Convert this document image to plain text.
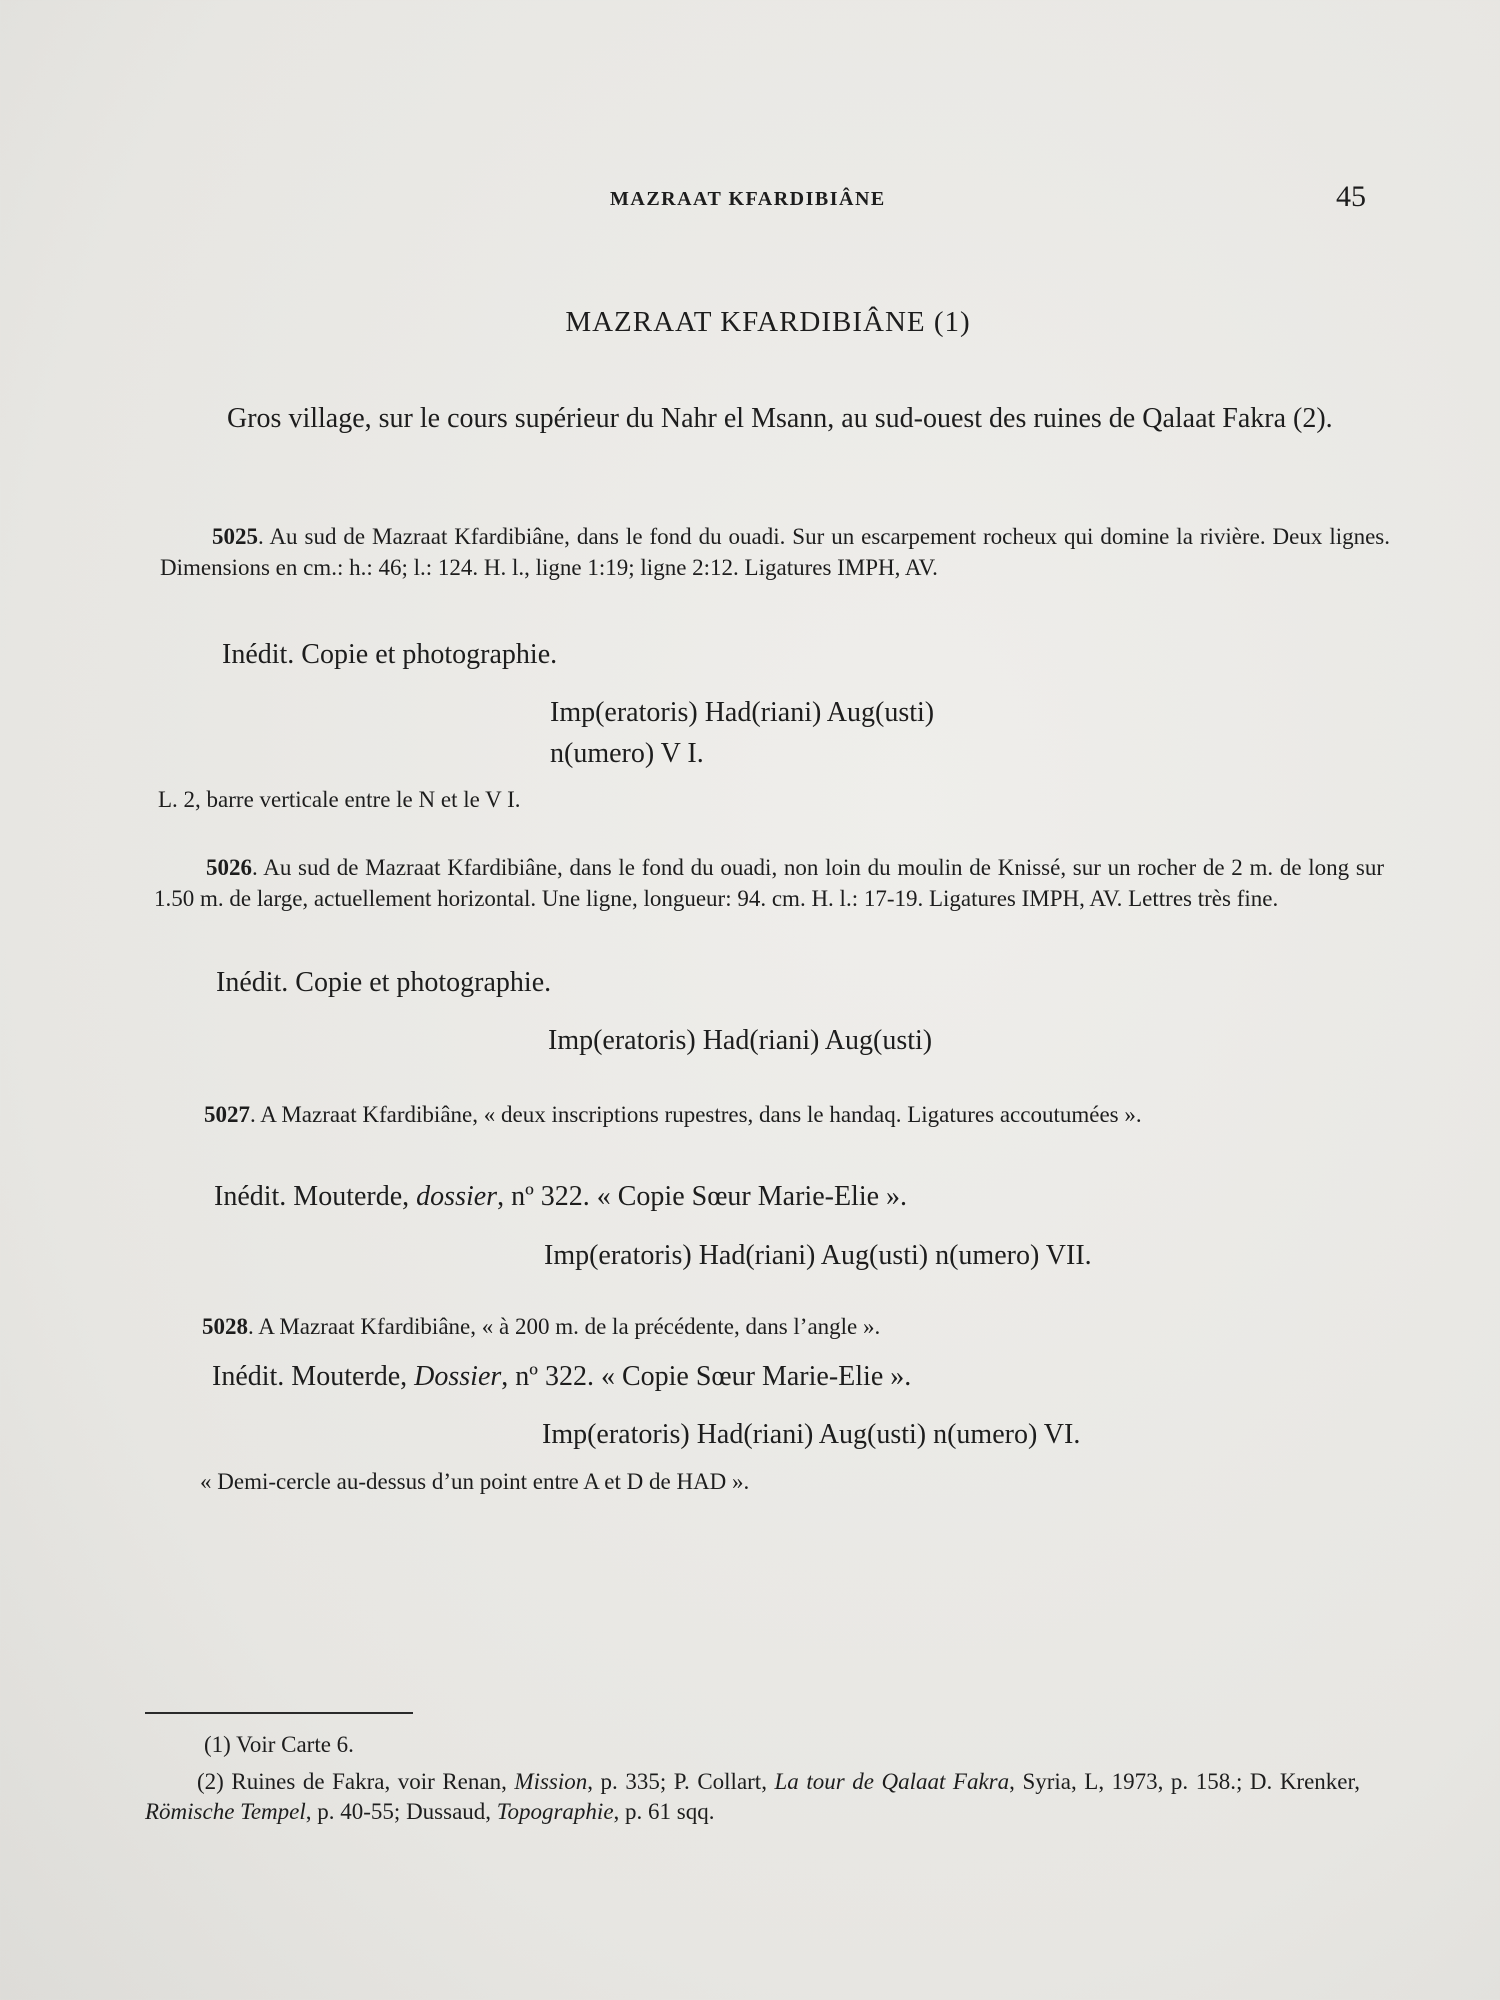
MAZRAAT KFARDIBIÂNE	45
MAZRAAT KFARDIBIÂNE (1)
Gros village, sur le cours supérieur du Nahr el Msann, au sud-ouest des ruines de Qalaat Fakra (2).
5025. Au sud de Mazraat Kfardibiâne, dans le fond du ouadi. Sur un escarpement rocheux qui domine la rivière. Deux lignes. Dimensions en cm.: h.: 46; l.: 124. H. l., ligne 1:19; ligne 2:12. Ligatures IMPH, AV.
Inédit. Copie et photographie.
Imp(eratoris) Had(riani) Aug(usti)
n(umero) V I.
L. 2, barre verticale entre le N et le V I.
5026. Au sud de Mazraat Kfardibiâne, dans le fond du ouadi, non loin du moulin de Knissé, sur un rocher de 2 m. de long sur 1.50 m. de large, actuellement horizontal. Une ligne, longueur: 94. cm. H. l.: 17-19. Ligatures IMPH, AV. Lettres très fine.
Inédit. Copie et photographie.
Imp(eratoris) Had(riani) Aug(usti)
5027. A Mazraat Kfardibiâne, « deux inscriptions rupestres, dans le handaq. Ligatures accoutumées ».
Inédit. Mouterde, dossier, nº 322. « Copie Sœur Marie-Elie ».
Imp(eratoris) Had(riani) Aug(usti) n(umero) VII.
5028. A Mazraat Kfardibiâne, « à 200 m. de la précédente, dans l’angle ».
Inédit. Mouterde, Dossier, nº 322. « Copie Sœur Marie-Elie ».
Imp(eratoris) Had(riani) Aug(usti) n(umero) VI.
« Demi-cercle au-dessus d’un point entre A et D de HAD ».
(1) Voir Carte 6.
(2) Ruines de Fakra, voir Renan, Mission, p. 335; P. Collart, La tour de Qalaat Fakra, Syria, L, 1973, p. 158.; D. Krenker, Römische Tempel, p. 40-55; Dussaud, Topographie, p. 61 sqq.
